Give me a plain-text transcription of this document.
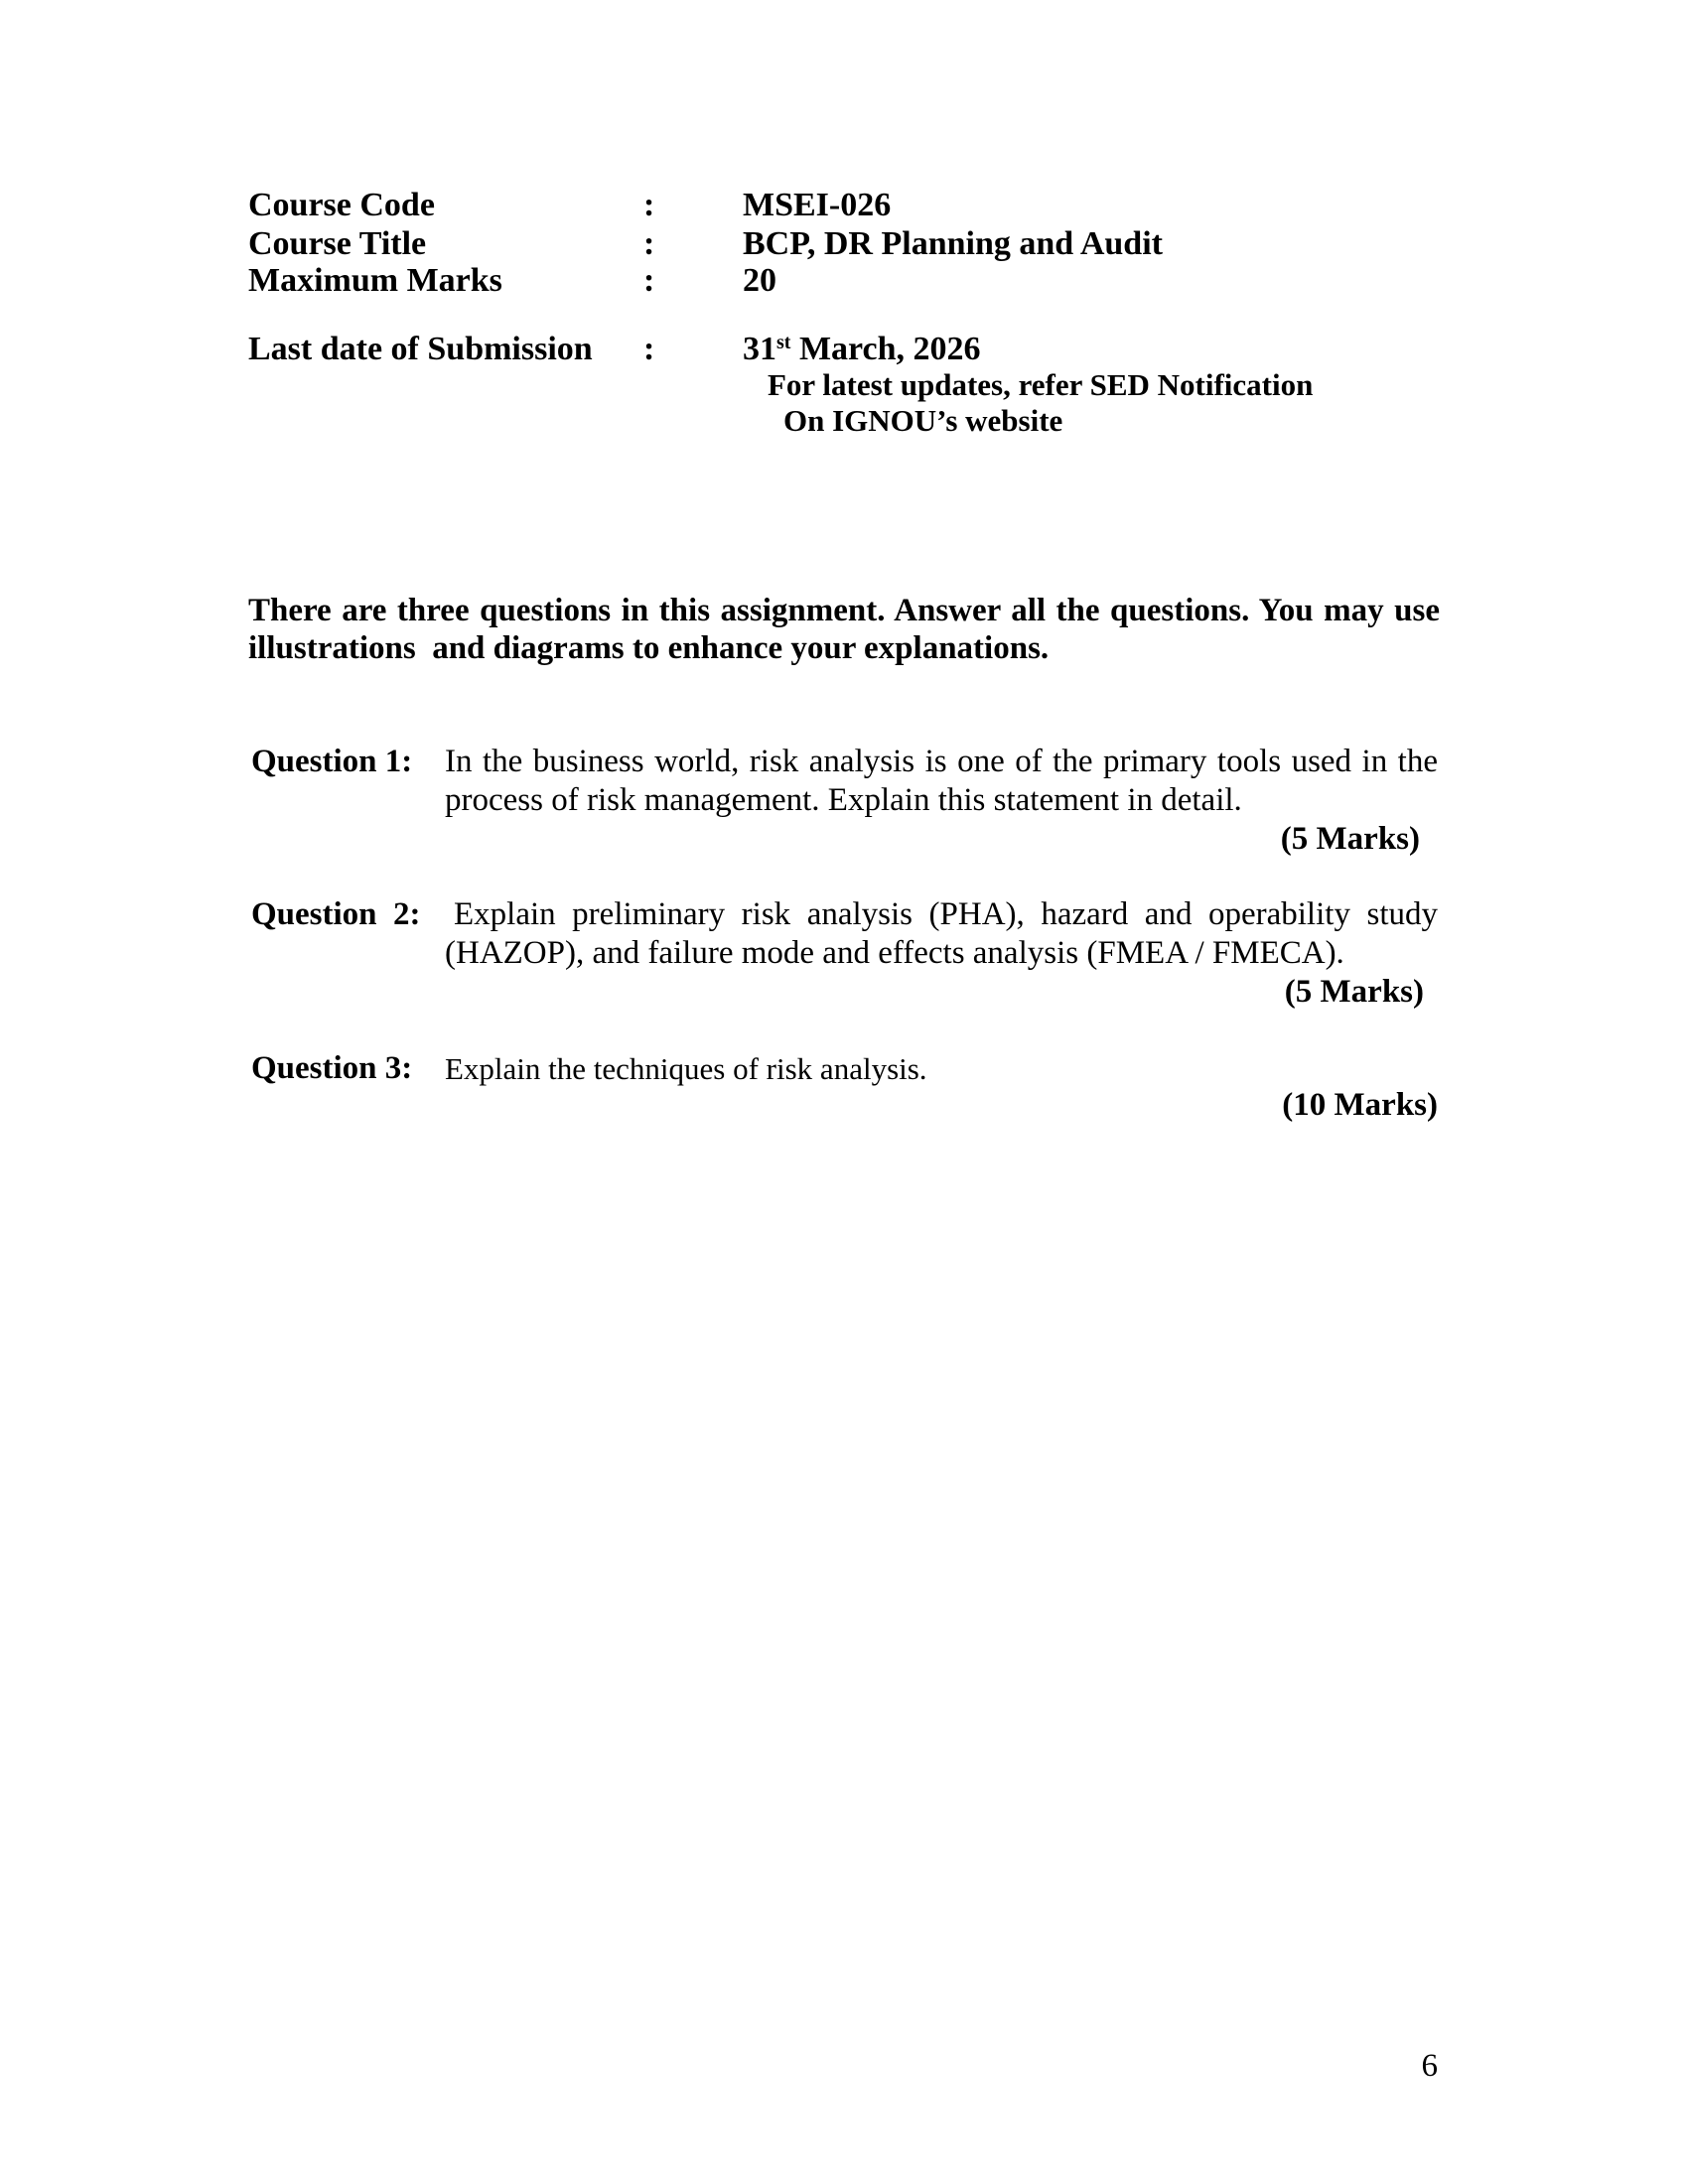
Course Code	:	MSEI-026
Course Title	:	BCP, DR Planning and Audit
Maximum Marks	:	20
Last date of Submission :	31st March, 2026
For latest updates, refer SED Notification
On IGNOU’s website
There are three questions in this assignment. Answer all the questions. You may use
illustrations  and diagrams to enhance your explanations.
Question 1: In the business world, risk analysis is one of the primary tools used in the
process of risk management. Explain this statement in detail.
(5 Marks)
Question  2: Explain preliminary risk analysis (PHA), hazard and operability study
(HAZOP), and failure mode and effects analysis (FMEA / FMECA).
(5 Marks)
Question 3: Explain the techniques of risk analysis.
(10 Marks)
6
